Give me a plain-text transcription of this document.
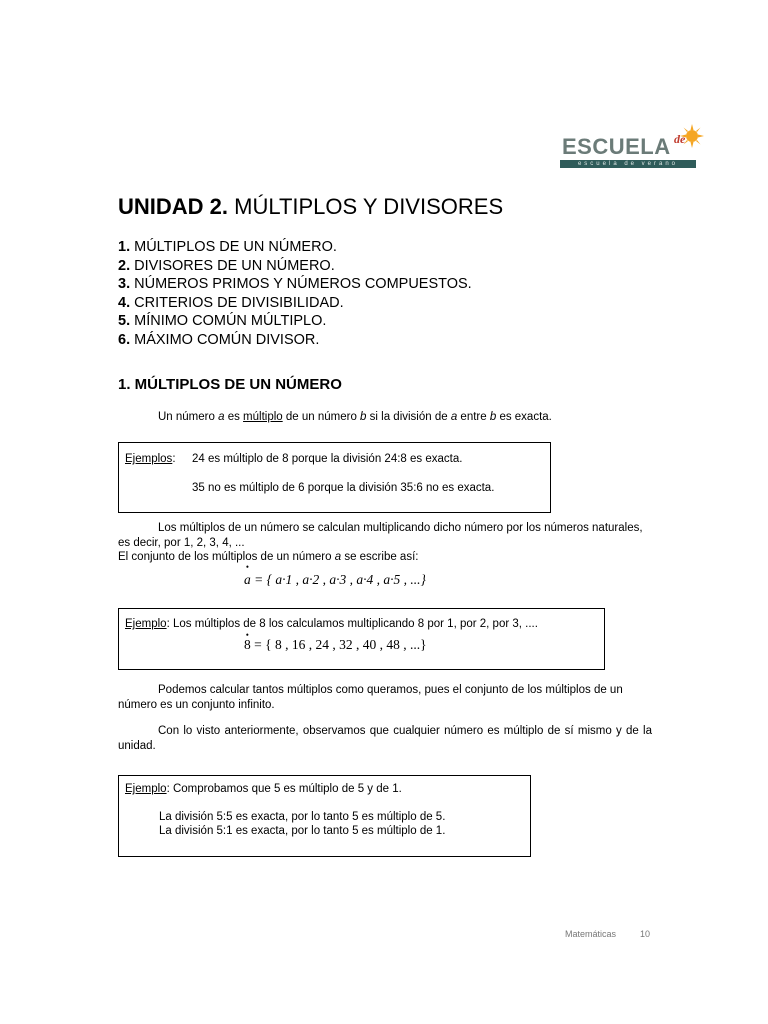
ESCUELA de
escuela de verano
UNIDAD 2. MÚLTIPLOS Y DIVISORES
1. MÚLTIPLOS DE UN NÚMERO.
2. DIVISORES DE UN NÚMERO.
3. NÚMEROS PRIMOS Y NÚMEROS COMPUESTOS.
4. CRITERIOS DE DIVISIBILIDAD.
5. MÍNIMO COMÚN MÚLTIPLO.
6. MÁXIMO COMÚN DIVISOR.
1. MÚLTIPLOS DE UN NÚMERO
Un número a es múltiplo de un número b si la división de a entre b es exacta.
Ejemplos: 24 es múltiplo de 8 porque la división 24:8 es exacta.
35 no es múltiplo de 6 porque la división 35:6 no es exacta.
Los múltiplos de un número se calculan multiplicando dicho número por los números naturales, es decir, por 1, 2, 3, 4, ...
El conjunto de los múltiplos de un número a se escribe así:
• a = { a·1 , a·2 , a·3 , a·4 , a·5 , ...}
Ejemplo: Los múltiplos de 8 los calculamos multiplicando 8 por 1, por 2, por 3, ....
• 8 = { 8 , 16 , 24 , 32 , 40 , 48 , ...}
Podemos calcular tantos múltiplos como queramos, pues el conjunto de los múltiplos de un número es un conjunto infinito.
Con lo visto anteriormente, observamos que cualquier número es múltiplo de sí mismo y de la unidad.
Ejemplo: Comprobamos que 5 es múltiplo de 5 y de 1.
La división 5:5 es exacta, por lo tanto 5 es múltiplo de 5.
La división 5:1 es exacta, por lo tanto 5 es múltiplo de 1.
Matemáticas	10
